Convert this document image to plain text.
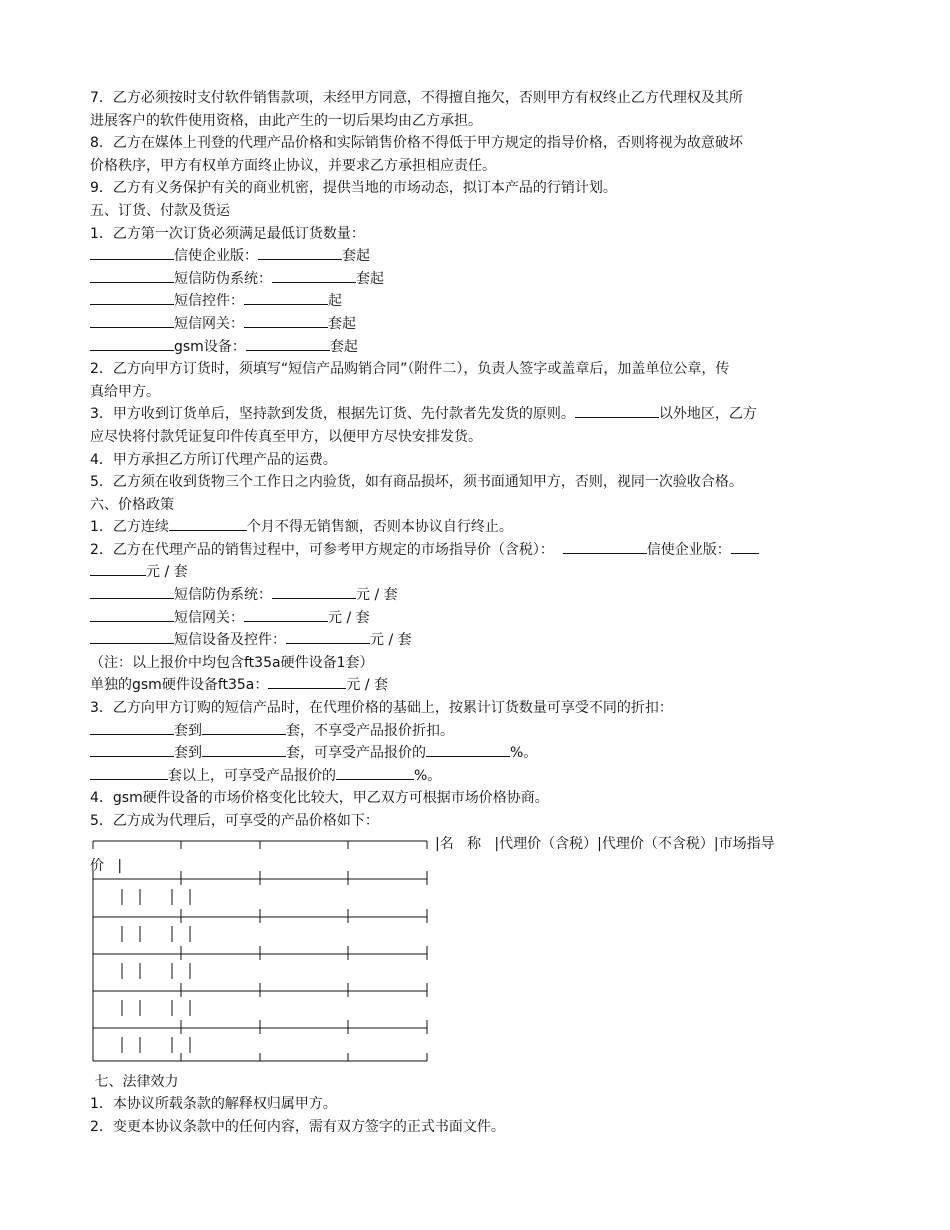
7．乙方必须按时支付软件销售款项，未经甲方同意，不得擅自拖欠，否则甲方有权终止乙方代理权及其所

进展客户的软件使用资格，由此产生的一切后果均由乙方承担。

8．乙方在媒体上刊登的代理产品价格和实际销售价格不得低于甲方规定的指导价格，否则将视为故意破坏

价格秩序，甲方有权单方面终止协议，并要求乙方承担相应责任。

9．乙方有义务保护有关的商业机密，提供当地的市场动态，拟订本产品的行销计划。

五、订货、付款及货运

1．乙方第一次订货必须满足最低订货数量：

信使企业版：	套起

短信防伪系统：	套起

短信控件：	起

短信网关：	套起

gsm设备：	套起

2．乙方向甲方订货时，须填写“短信产品购销合同”（附件二），负责人签字或盖章后，加盖单位公章，传

真给甲方。

3．甲方收到订货单后，坚持款到发货，根据先订货、先付款者先发货的原则。	以外地区，乙方

应尽快将付款凭证复印件传真至甲方，以便甲方尽快安排发货。

4．甲方承担乙方所订代理产品的运费。

5．乙方须在收到货物三个工作日之内验货，如有商品损坏，须书面通知甲方，否则，视同一次验收合格。

六、价格政策

1．乙方连续	个月不得无销售额，否则本协议自行终止。

2．乙方在代理产品的销售过程中，可参考甲方规定的市场指导价（含税）：	信使企业版：

元 / 套

短信防伪系统：	元 / 套

短信网关：	元 / 套

短信设备及控件：	元 / 套

（注：以上报价中均包含ft35a硬件设备1套）

单独的gsm硬件设备ft35a：	元 / 套

3．乙方向甲方订购的短信产品时，在代理价格的基础上，按累计订货数量可享受不同的折扣：

套到	套，不享受产品报价折扣。

套到	套，可享受产品报价的	%。

套以上，可享受产品报价的	%。

4．gsm硬件设备的市场价格变化比较大，甲乙双方可根据市场价格协商。

5．乙方成为代理后，可享受的产品价格如下：

|名   称   |代理价（含税）|代理价（不含税）|市场指导
价   |

七、法律效力

1．本协议所载条款的解释权归属甲方。

2．变更本协议条款中的任何内容，需有双方签字的正式书面文件。
